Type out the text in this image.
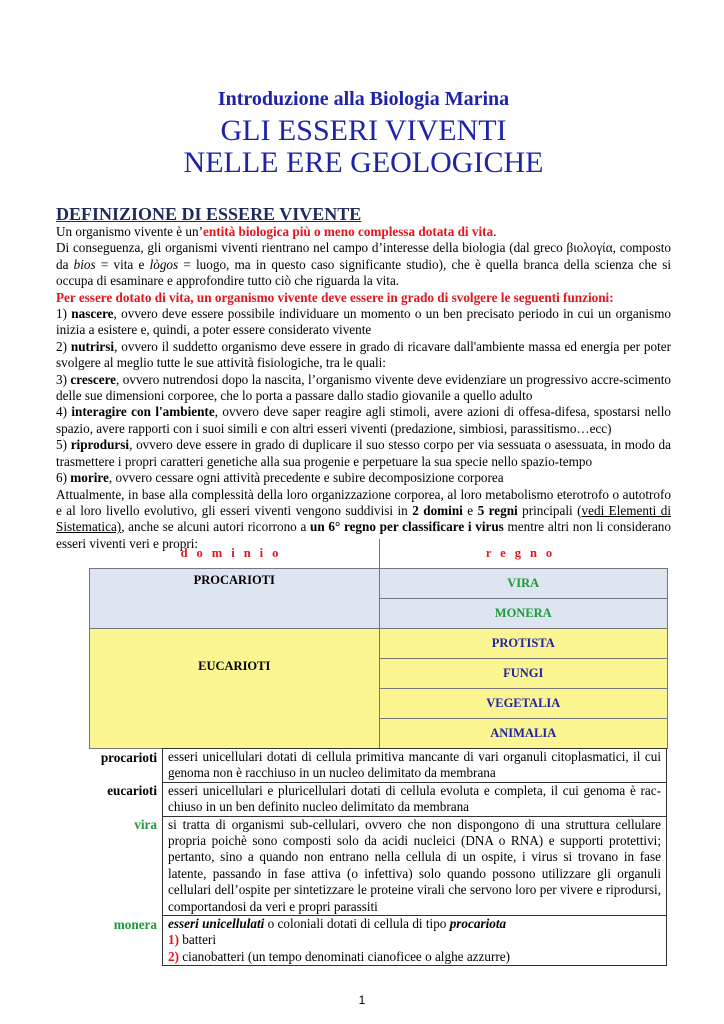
Introduzione alla Biologia Marina
GLI ESSERI VIVENTI
NELLE ERE GEOLOGICHE
DEFINIZIONE DI ESSERE VIVENTE

Un organismo vivente è un’entità biologica più o meno complessa dotata di vita.

Di conseguenza, gli organismi viventi rientrano nel campo d’interesse della biologia (dal greco βιολογία, composto da bios = vita e lògos = luogo, ma in questo caso significante studio), che è quella branca della scienza che si occupa di esaminare e approfondire tutto ciò che riguarda la vita.

Per essere dotato di vita, un organismo vivente deve essere in grado di svolgere le seguenti funzioni:

1) nascere, ovvero deve essere possibile individuare un momento o un ben precisato periodo in cui un organismo inizia a esistere e, quindi, a poter essere considerato vivente

2) nutrirsi, ovvero il suddetto organismo deve essere in grado di ricavare dall'ambiente massa ed energia per poter svolgere al meglio tutte le sue attività fisiologiche, tra le quali:

3) crescere, ovvero nutrendosi dopo la nascita, l’organismo vivente deve evidenziare un progressivo accre-scimento delle sue dimensioni corporee, che lo porta a passare dallo stadio giovanile a quello adulto

4) interagire con l'ambiente, ovvero deve saper reagire agli stimoli, avere azioni di offesa-difesa, spostarsi nello spazio, avere rapporti con i suoi simili e con altri esseri viventi (predazione, simbiosi, parassitismo…ecc)

5) riprodursi, ovvero deve essere in grado di duplicare il suo stesso corpo per via sessuata o asessuata, in modo da trasmettere i propri caratteri genetiche alla sua progenie e perpetuare la sua specie nello spazio-tempo

6) morire, ovvero cessare ogni attività precedente e subire decomposizione corporea

Attualmente, in base alla complessità della loro organizzazione corporea, al loro metabolismo eterotrofo o autotrofo e al loro livello evolutivo, gli esseri viventi vengono suddivisi in 2 domini e 5 regni principali (vedi Elementi di Sistematica), anche se alcuni autori ricorrono a un 6° regno per classificare i virus mentre altri non li considerano esseri viventi veri e propri:

dominio	regno
PROCARIOTI	VIRA
	MONERA
EUCARIOTI	PROTISTA
	FUNGI
	VEGETALIA
	ANIMALIA
procarioti	esseri unicellulari dotati di cellula primitiva mancante di vari organuli citoplasmatici, il cui genoma non è racchiuso in un nucleo delimitato da membrana
eucarioti	esseri unicellulari e pluricellulari dotati di cellula evoluta e completa, il cui genoma è rac-chiuso in un ben definito nucleo delimitato da membrana
vira	si tratta di organismi sub-cellulari, ovvero che non dispongono di una struttura cellulare propria poichè sono composti solo da acidi nucleici (DNA o RNA) e supporti protettivi; pertanto, sino a quando non entrano nella cellula di un ospite, i virus si trovano in fase latente, passando in fase attiva (o infettiva) solo quando possono utilizzare gli organuli cellulari dell’ospite per sintetizzare le proteine virali che servono loro per vivere e riprodursi, comportandosi da veri e propri parassiti
monera	esseri unicellulati o coloniali dotati di cellula di tipo procariota
1) batteri
2) cianobatteri (un tempo denominati cianoficee o alghe azzurre)
1
